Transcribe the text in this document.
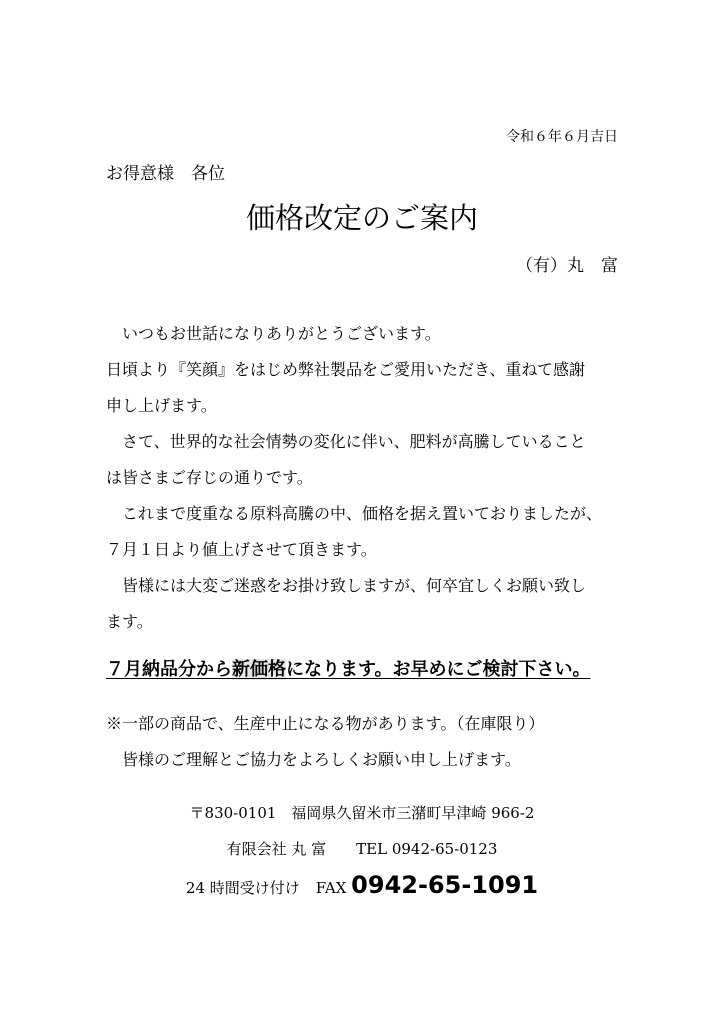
令和６年６月吉日
お得意様　各位
価格改定のご案内
（有）丸　富
いつもお世話になりありがとうございます。
日頃より『笑顔』をはじめ弊社製品をご愛用いただき、重ねて感謝
申し上げます。
さて、世界的な社会情勢の変化に伴い、肥料が高騰していること
は皆さまご存じの通りです。
これまで度重なる原料高騰の中、価格を据え置いておりましたが、
７月１日より値上げさせて頂きます。
皆様には大変ご迷惑をお掛け致しますが、何卒宜しくお願い致し
ます。
７月納品分から新価格になります。お早めにご検討下さい。
※一部の商品で、生産中止になる物があります。（在庫限り）
皆様のご理解とご協力をよろしくお願い申し上げます。
〒830-0101　福岡県久留米市三潴町早津崎 966-2
有限会社 丸 富 TEL 0942-65-0123
24 時間受け付け FAX 0942-65-1091
